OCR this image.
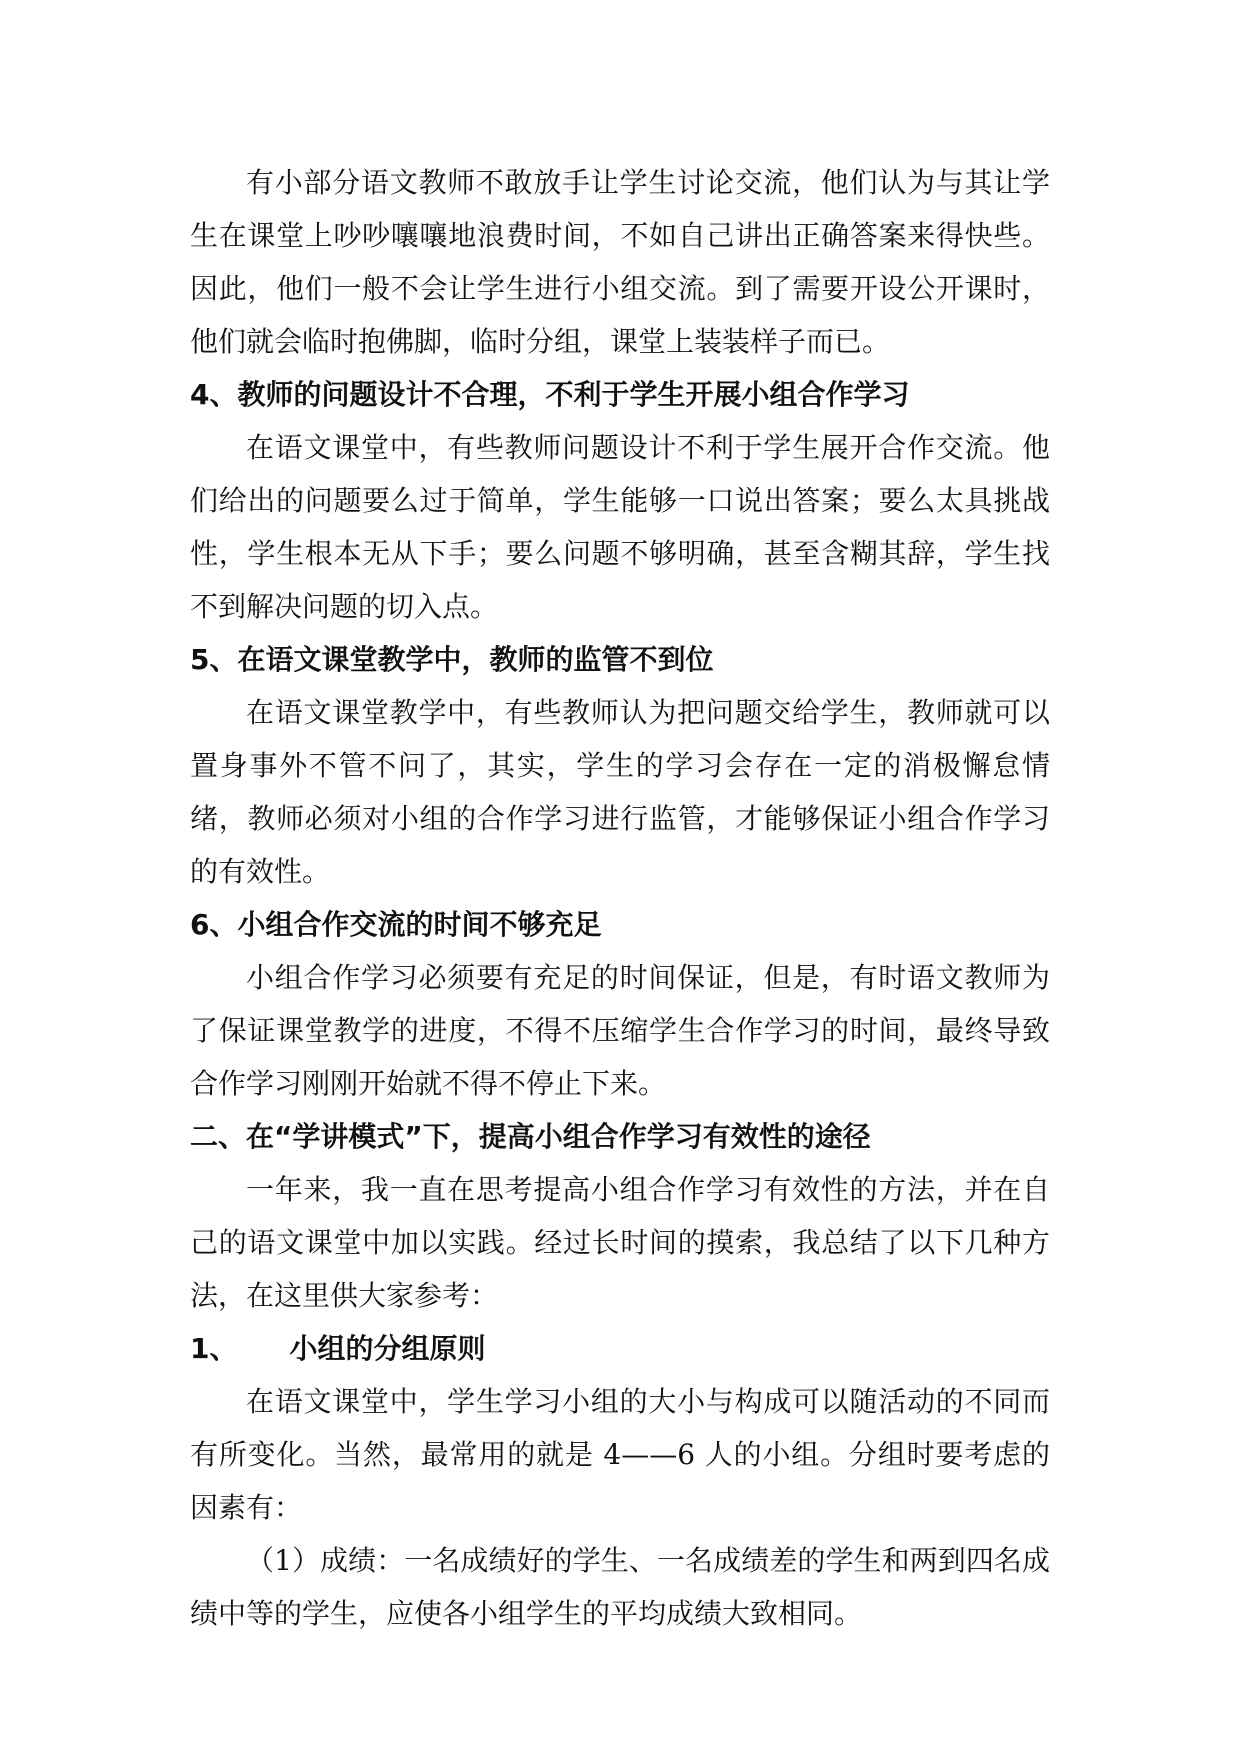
有小部分语文教师不敢放手让学生讨论交流，他们认为与其让学生在课堂上吵吵嚷嚷地浪费时间，不如自己讲出正确答案来得快些。因此，他们一般不会让学生进行小组交流。到了需要开设公开课时，他们就会临时抱佛脚，临时分组，课堂上装装样子而已。

4、教师的问题设计不合理，不利于学生开展小组合作学习

在语文课堂中，有些教师问题设计不利于学生展开合作交流。他们给出的问题要么过于简单，学生能够一口说出答案；要么太具挑战性，学生根本无从下手；要么问题不够明确，甚至含糊其辞，学生找不到解决问题的切入点。

5、在语文课堂教学中，教师的监管不到位

在语文课堂教学中，有些教师认为把问题交给学生，教师就可以置身事外不管不问了，其实，学生的学习会存在一定的消极懈怠情绪，教师必须对小组的合作学习进行监管，才能够保证小组合作学习的有效性。

6、小组合作交流的时间不够充足

小组合作学习必须要有充足的时间保证，但是，有时语文教师为了保证课堂教学的进度，不得不压缩学生合作学习的时间，最终导致合作学习刚刚开始就不得不停止下来。

二、在“学讲模式”下，提高小组合作学习有效性的途径

一年来，我一直在思考提高小组合作学习有效性的方法，并在自己的语文课堂中加以实践。经过长时间的摸索，我总结了以下几种方法，在这里供大家参考：

1、 小组的分组原则

在语文课堂中，学生学习小组的大小与构成可以随活动的不同而有所变化。当然，最常用的就是 4——6 人的小组。分组时要考虑的因素有：

（1）成绩：一名成绩好的学生、一名成绩差的学生和两到四名成绩中等的学生，应使各小组学生的平均成绩大致相同。
